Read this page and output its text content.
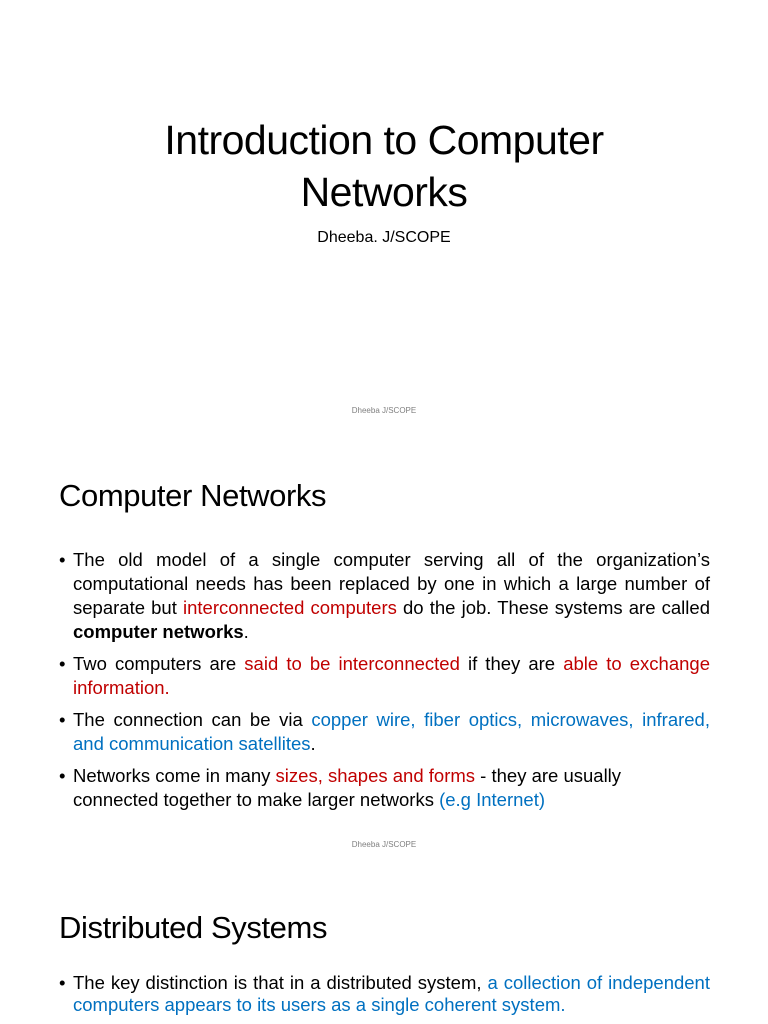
Introduction to Computer
Networks
Dheeba. J/SCOPE
Dheeba J/SCOPE
Computer Networks
• The old model of a single computer serving all of the organization’s computational needs has been replaced by one in which a large number of separate but interconnected computers do the job. These systems are called computer networks.
• Two computers are said to be interconnected if they are able to exchange information.
• The connection can be via copper wire, fiber optics, microwaves, infrared, and communication satellites.
• Networks come in many sizes, shapes and forms - they are usually connected together to make larger networks (e.g Internet)
Dheeba J/SCOPE
Distributed Systems
• The key distinction is that in a distributed system, a collection of independent computers appears to its users as a single coherent system.
